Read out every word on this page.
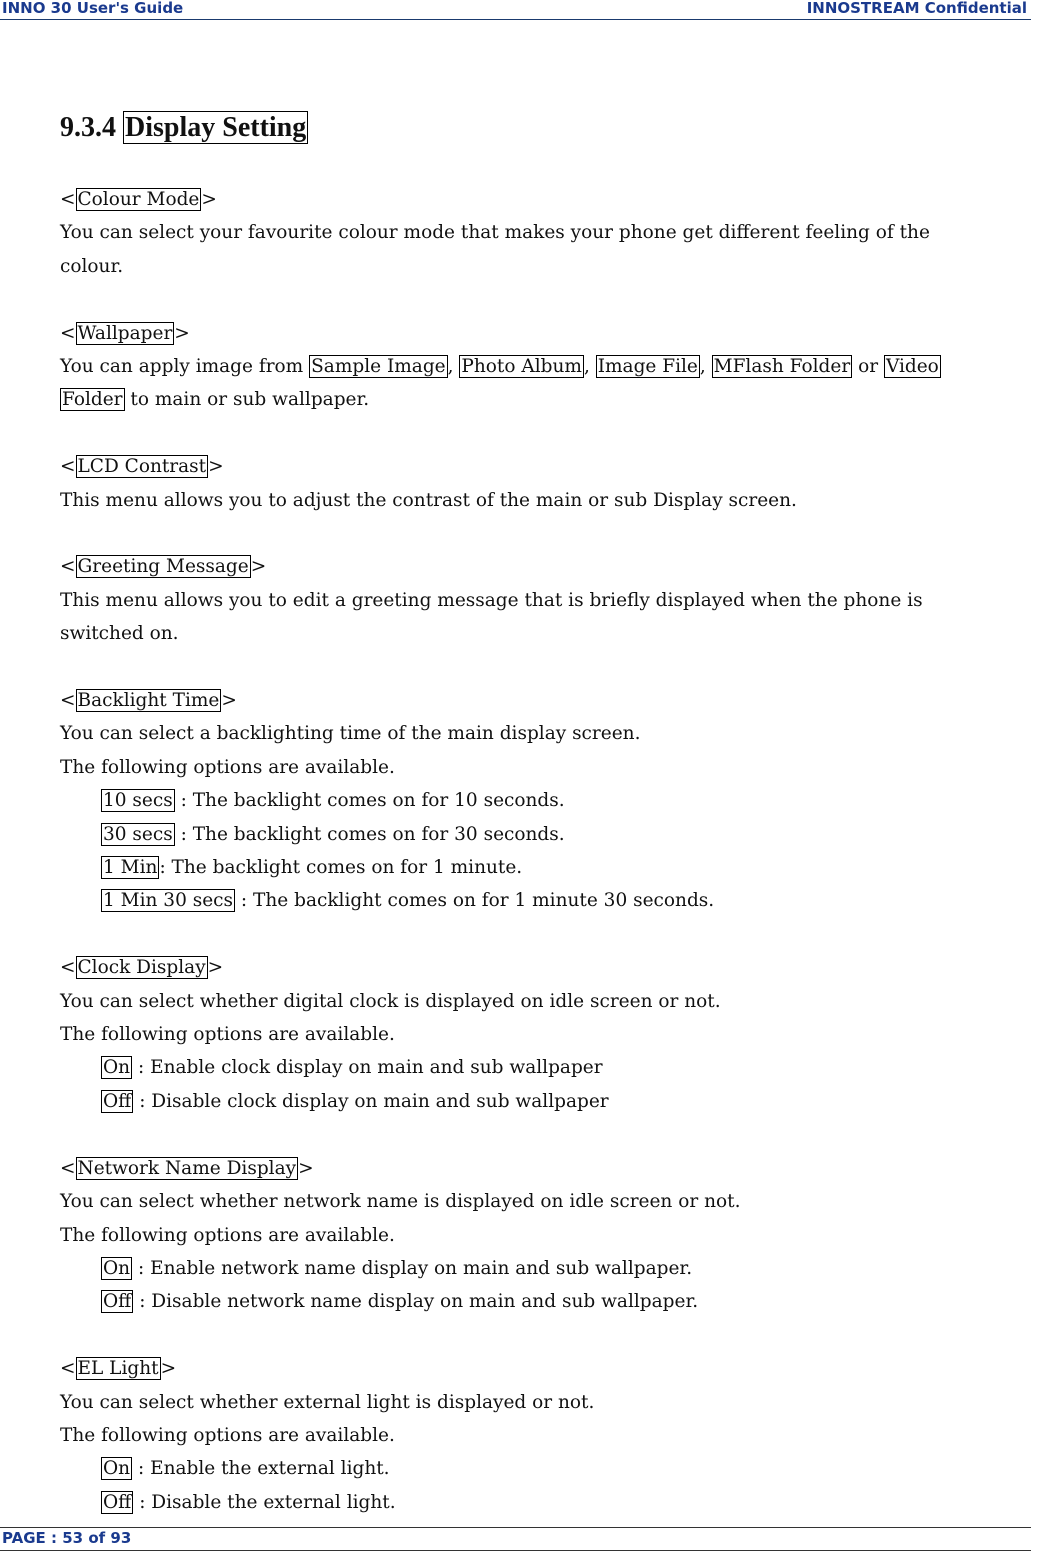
INNO 30 User's Guide	INNOSTREAM Confidential
9.3.4 Display Setting

< Colour Mode >

You can select your favourite colour mode that makes your phone get different feeling of the

colour.

< Wallpaper >

You can apply image from Sample Image , Photo Album , Image File , MFlash Folder or Video

Folder to main or sub wallpaper.

< LCD Contrast >

This menu allows you to adjust the contrast of the main or sub Display screen.

< Greeting Message >

This menu allows you to edit a greeting message that is briefly displayed when the phone is

switched on.

< Backlight Time >

You can select a backlighting time of the main display screen.

The following options are available.

10 secs : The backlight comes on for 10 seconds.

30 secs : The backlight comes on for 30 seconds.

1 Min : The backlight comes on for 1 minute.

1 Min 30 secs : The backlight comes on for 1 minute 30 seconds.

< Clock Display >

You can select whether digital clock is displayed on idle screen or not.

The following options are available.

On : Enable clock display on main and sub wallpaper

Off : Disable clock display on main and sub wallpaper

< Network Name Display >

You can select whether network name is displayed on idle screen or not.

The following options are available.

On : Enable network name display on main and sub wallpaper.

Off : Disable network name display on main and sub wallpaper.

< EL Light >

You can select whether external light is displayed or not.

The following options are available.

On : Enable the external light.

Off : Disable the external light.

PAGE : 53 of 93
